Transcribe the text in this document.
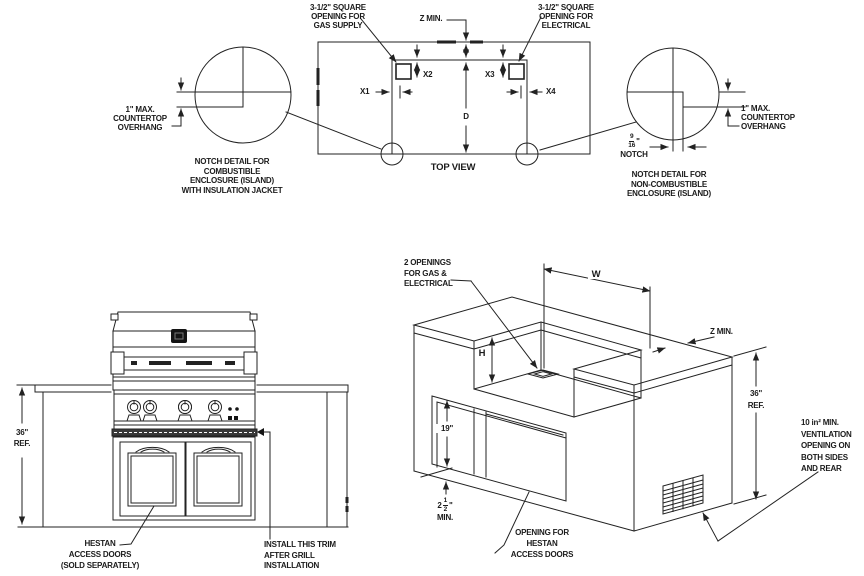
3-1/2" SQUARE
OPENING FOR
GAS SUPPLY
3-1/2" SQUARE
OPENING FOR
ELECTRICAL
Z MIN.
X2	X3
X1	X4
D
TOP VIEW
1" MAX.
COUNTERTOP
OVERHANG
NOTCH DETAIL FOR
COMBUSTIBLE
ENCLOSURE (ISLAND)
WITH INSULATION JACKET
1" MAX.
COUNTERTOP
OVERHANG
$\frac{9}{16}$ "
NOTCH
NOTCH DETAIL FOR
NON-COMBUSTIBLE
ENCLOSURE (ISLAND)
36"
REF.
HESTAN
ACCESS DOORS
(SOLD SEPARATELY)
INSTALL THIS TRIM
AFTER GRILL
INSTALLATION
2 OPENINGS
FOR GAS &
ELECTRICAL
W
Z MIN.
H
36"
REF.
19"
$2 \frac{1}{2}$ "
MIN.
OPENING FOR
HESTAN
ACCESS DOORS
10 in² MIN.
VENTILATION
OPENING ON
BOTH SIDES
AND REAR
